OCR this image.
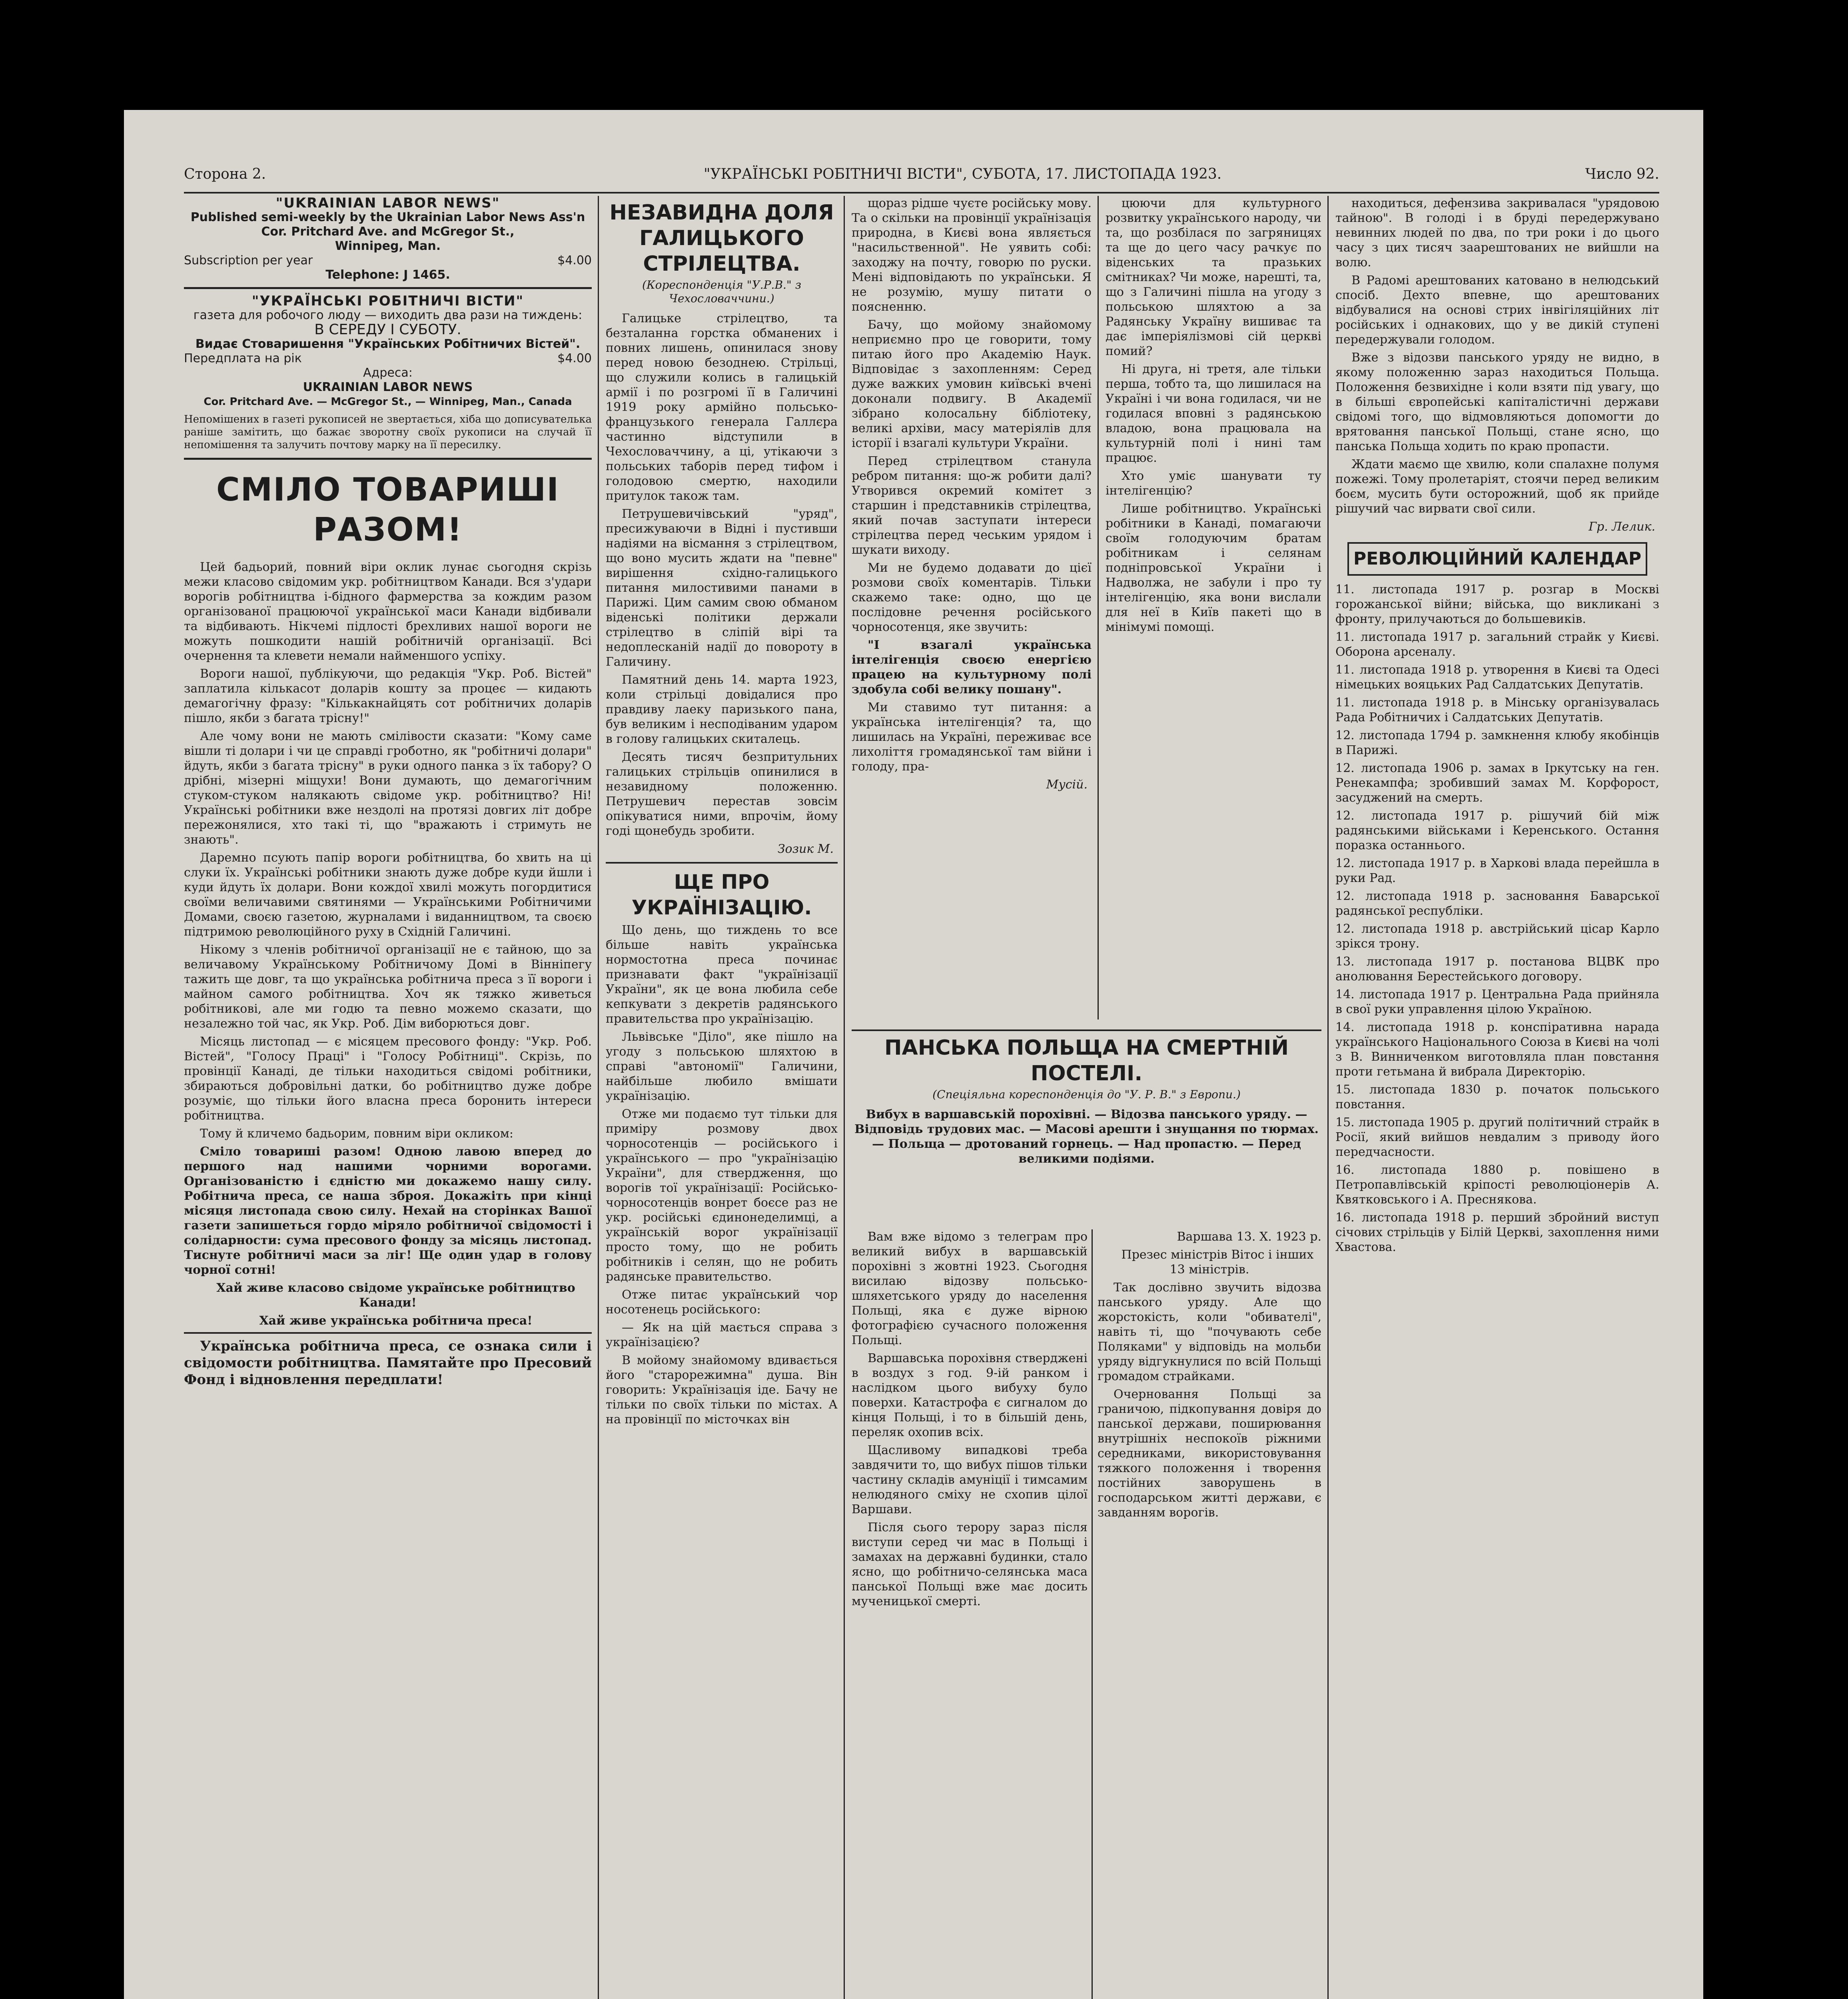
Сторона 2.	"УКРАЇНСЬКІ РОБІТНИЧІ ВІСТИ", СУБОТА, 17. ЛИСТОПАДА 1923.	Число 92.
"UKRAINIAN LABOR NEWS"
Published semi-weekly by the Ukrainian Labor News Ass'n
Cor. Pritchard Ave. and McGregor St.,
Winnipeg, Man.
Subscription per year	$4.00
Telephone: J 1465.
"УКРАЇНСЬКІ РОБІТНИЧІ ВІСТИ"
газета для робочого люду — виходить два рази на тиждень:
В СЕРЕДУ І СУБОТУ.
Видає Стоваришення "Українських Робітничих Вістей".
Передплата на рік	$4.00
Адреса:
UKRAINIAN LABOR NEWS
Cor. Pritchard Ave. — McGregor St., — Winnipeg, Man., Canada
Непомішених в газеті рукописей не звертається, хіба що дописувателька раніше замітить, що бажає зворотну своїх рукописи на случай її непомішення та залучить почтову марку на її пересилку.
СМІЛО ТОВАРИШІ РАЗОМ!

Цей бадьорий, повний віри оклик лунає сьогодня скрізь межи класово свідомим укр. робітництвом Канади. Вся з'удари ворогів робітництва і-бідного фармерства за кождим разом організованої працюючої української маси Канади відбивали та відбивають. Нікчемі підлості брехливих нашої вороги не можуть пошкодити нашій робітничій організації. Всі очернення та клевети немали найменшого успіху.

Вороги нашої, публікуючи, що редакція "Укр. Роб. Вістей" заплатила кількасот доларів кошту за процеє — кидають демагогічну фразу: "Кількакнайцять сот робітничих доларів пішло, якби з багата трісну!"

Але чому вони не мають смілівости сказати: "Кому саме вішли ті долари і чи це справді гроботно, як "робітничі долари" йдуть, якби з багата трісну" в руки одного панка з їх табору? О дрібні, мізерні міщухи! Вони думають, що демагогічним стуком-стуком налякають свідоме укр. робітництво? Ні! Українські робітники вже нездолі на протязі довгих літ добре пережонялися, хто такі ті, що "вражають і стримуть не знають".

Даремно псують папір вороги робітництва, бо хвить на ці слуки їх. Українські робітники знають дуже добре куди йшли і куди йдуть їх долари. Вони кождої хвилі можуть погордитися своїми величавими святинями — Українськими Робітничими Домами, своєю газетою, журналами і виданництвом, та своєю підтримою революційного руху в Східній Галичині.

Нікому з членів робітничої організації не є тайною, що за величавому Українському Робітничому Домі в Вінніпегу тажить ще довг, та що українська робітнича преса з її вороги і майном самого робітництва. Хоч як тяжко живеться робітникові, але ми годю та певно можемо сказати, що незалежно той час, як Укр. Роб. Дім виборються довг.

Місяць листопад — є місяцем пресового фонду: "Укр. Роб. Вістей", "Голосу Праці" і "Голосу Робітниці". Скрізь, по провінції Канаді, де тільки находиться свідомі робітники, збираються добровільні датки, бо робітництво дуже добре розуміє, що тільки його власна преса боронить інтереси робітництва.

Тому й кличемо бадьорим, повним віри окликом:

Сміло товариші разом! Одною лавою вперед до першого над нашими чорними ворогами. Організованістю і єдністю ми докажемо нашу силу. Робітнича преса, се наша зброя. Докажіть при кінці місяця листопада свою силу. Нехай на сторінках Вашої газети запишеться гордо міряло робітничої свідомості і солідарности: сума пресового фонду за місяць листопад. Тиснуте робітничі маси за ліг! Ще один удар в голову чорної сотні!

Хай живе класово свідоме українське робітництво Канади!

Хай живе українська робітнича преса!

Українська робітнича преса, се ознака сили і свідомости робітництва. Памятайте про Пресовий Фонд і відновлення передплати!

НЕЗАВИДНА ДОЛЯ ГАЛИЦЬКОГО СТРІЛЕЦТВА.
(Кореспонденція "У.Р.В." з Чехословаччини.)

Галицьке стрілецтво, та безталанна горстка обманених і повних лишень, опинилася знову перед новою безоднею. Стрільці, що служили колись в галицькій армії і по розгромі її в Галичині 1919 року армійно польсько-французького генерала Галлєра частинно відступили в Чехословаччину, а ці, утікаючи з польських таборів перед тифом і голодовою смертю, находили притулок також там.

Петрушевичівський "уряд", пресижуваючи в Відні і пустивши надіями на вісмання з стрілецтвом, що воно мусить ждати на "певне" вирішення східно-галицького питання милостивими панами в Парижі. Цим самим свою обманом віденські політики держали стрілецтво в сліпій вірі та недоплесканій надії до повороту в Галичину.

Памятний день 14. марта 1923, коли стрільці довідалися про правдиву лаеку паризького пана, був великим і несподіваним ударом в голову галицьких скиталець.

Десять тисяч безпритульних галицьких стрільців опинилися в незавидному положенню. Петрушевич перестав зовсім опікуватися ними, впрочім, йому годі щонебудь зробити.

Зозик М.
ЩЕ ПРО УКРАЇНІЗАЦІЮ.

Що день, що тиждень то все більше навіть українська нормостотна преса починає признавати факт "українізації України", як це вона любила себе кепкувати з декретів радянського правительства про українізацію.

Львівське "Діло", яке пішло на угоду з польською шляхтою в справі "автономії" Галичини, найбільше любило вмішати українізацію.

Отже ми подаємо тут тільки для приміру розмову двох чорносотенців — російського і українського — про "українізацію України", для ствердження, що ворогів тої українізації: Російсько-чорносотенців вонрет боєсе раз не укр. російські єдинонеделимці, а українській ворог українізації просто тому, що не робить робітників і селян, що не робить радянське правительство.

Отже питає український чор носотенець російського:

— Як на цій мається справа з українізацією?

В мойому знайомому вдивається його "старорежимна" душа. Він говорить: Українізація іде. Бачу не тільки по своїх тільки по містах. А на провінції по місточках він

щораз рідше чуєте російську мову. Та о скільки на провінції українізація природна, в Києві вона являється "насильственной". Не уявить собі: заходжу на почту, говорю по руски. Мені відповідають по українськи. Я не розумію, мушу питати о поясненню.

Бачу, що мойому знайомому неприємно про це говорити, тому питаю його про Академію Наук. Відповідає з захопленням: Серед дуже важких умовин київські вчені доконали подвигу. В Академії зібрано колосальну бібліотеку, великі архіви, масу матеріялів для історії і взагалі культури України.

Перед стрілецтвом станула ребром питання: що-ж робити далі? Утворився окремий комітет з старшин і представників стрілецтва, який почав заступати інтереси стрілецтва перед чеським урядом і шукати виходу.

Ми не будемо додавати до цієї розмови своїх коментарів. Тільки скажемо таке: одно, що це послідовне речення російського чорносотенця, яке звучить:

"І взагалі українська інтелігенція своєю енергією працею на культурному полі здобула собі велику пошану".

Ми ставимо тут питання: а українська інтелігенція? та, що лишилась на Україні, переживає все лихоліття громадянської там війни і голоду, пра-

Мусій.

цюючи для культурного розвитку українського народу, чи та, що розбілася по загряницях та ще до цего часу рачкує по віденських та празьких смітниках? Чи може, нарешті, та, що з Галичині пішла на угоду з польською шляхтою а за Радянську Україну вишиває та дає імперіялізмові сій церкві помий?

Ні друга, ні третя, але тільки перша, тобто та, що лишилася на Україні і чи вона годилася, чи не годилася вповні з радянською владою, вона працювала на культурній полі і нині там працює.

Хто уміє шанувати ту інтелігенцію?

Лише робітництво. Українські робітники в Канаді, помагаючи своїм голодуючим братам робітникам і селянам подніпровської України і Надволжа, не забули і про ту інтелігенцію, яка вони вислали для неї в Київ пакеті що в мінімумі помощі.

ПАНСЬКА ПОЛЬЩА НА СМЕРТНІЙ ПОСТЕЛІ.
(Спеціяльна кореспонденція до "У. Р. В." з Европи.)

Вибух в варшавській порохівні. — Відозва панського уряду. — Відповідь трудових мас. — Масові арешти і знущання по тюрмах. — Польща — дротований горнець. — Над пропастю. — Перед великими подіями.

Вам вже відомо з телеграм про великий вибух в варшавській порохівні з жовтні 1923. Сьогодня висилаю відозву польсько-шляхетського уряду до населення Польщі, яка є дуже вірною фотографією сучасного положення Польщі.

Варшавська порохівня стверджені в воздух з год. 9-ій ранком і наслідком цього вибуху було поверхи. Катастрофа є сигналом до кінця Польщі, і то в більшій день, переляк охопив всіх.

Щасливому випадкові треба завдячити то, що вибух пішов тільки частину складів амуніції і тимсамим нелюдяного сміху не схопив цілої Варшави.

Після сього терору зараз після виступи серед чи мас в Польщі і замахах на державні будинки, стало ясно, що робітничо-селянська маса панської Польщі вже має досить мученицької смерті.

Варшава 13. Х. 1923 р.

Презес міністрів Вітос і інших 13 міністрів.

Так дослівно звучить відозва панського уряду. Але що жорстокість, коли "обивателі", навіть ті, що "почувають себе Поляками" у відповідь на мольби уряду відгукнулися по всій Польщі громадом страйками.

Очерновання Польщі за граничою, підкопування довіря до панської держави, поширювання внутрішніх неспокоїв ріжними середниками, використовування тяжкого положення і творення постійних заворушень в господарськом житті держави, є завданням ворогів.

находиться, дефензива закривалася "урядовою тайною". В голоді і в бруді передержувано невинних людей по два, по три роки і до цього часу з цих тисяч заарештованих не вийшли на волю.

В Радомі арештованих катовано в нелюдський спосіб. Дехто впевне, що арештованих відбувалися на основі стрих інвігіляційних літ російських і однакових, що у ве дикій ступені передержували голодом.

Вже з відозви панського уряду не видно, в якому положенню зараз находиться Польща. Положення безвихідне і коли взяти під увагу, що в більші європейські капіталістичні держави свідомі того, що відмовляються допомогти до врятовання панської Польщі, стане ясно, що панська Польща ходить по краю пропасти.

Ждати маємо ще хвилю, коли спалахне полумя пожежі. Тому пролетаріят, стоячи перед великим боєм, мусить бути осторожний, щоб як прийде рішучий час вирвати свої сили.

Гр. Лелик.
РЕВОЛЮЦІЙНИЙ КАЛЕНДАР

11. листопада 1917 р. розгар в Москві горожанської війни; війська, що викликані з фронту, прилучаються до большевиків.

11. листопада 1917 р. загальний страйк у Києві. Оборона арсеналу.

11. листопада 1918 р. утворення в Києві та Одесі німецьких вояцьких Рад Салдатських Депутатів.

11. листопада 1918 р. в Мінську організувалась Рада Робітничих і Салдатських Депутатів.

12. листопада 1794 р. замкнення клюбу якобінців в Парижі.

12. листопада 1906 р. замах в Іркутську на ген. Ренекампфа; зробивший замах М. Корфорост, засуджений на смерть.

12. листопада 1917 р. рішучий бій між радянськими військами і Керенського. Остання поразка останнього.

12. листопада 1917 р. в Харкові влада перейшла в руки Рад.

12. листопада 1918 р. засновання Баварської радянської республіки.

12. листопада 1918 р. австрійський цісар Карло зрікся трону.

13. листопада 1917 р. постанова ВЦВК про анолювання Берестейського договору.

14. листопада 1917 р. Центральна Рада прийняла в свої руки управлення цілою Україною.

14. листопада 1918 р. конспіративна нарада українського Національного Союза в Києві на чолі з В. Винниченком виготовляла план повстання проти гетьмана й вибрала Директорію.

15. листопада 1830 р. початок польського повстання.

15. листопада 1905 р. другий політичний страйк в Росії, який вийшов невдалим з приводу його передчасности.

16. листопада 1880 р. повішено в Петропавлівській кріпості революціонерів А. Квятковського і А. Преснякова.

16. листопада 1918 р. перший збройний виступ січових стрільців у Білій Церкві, захоплення ними Хвастова.
